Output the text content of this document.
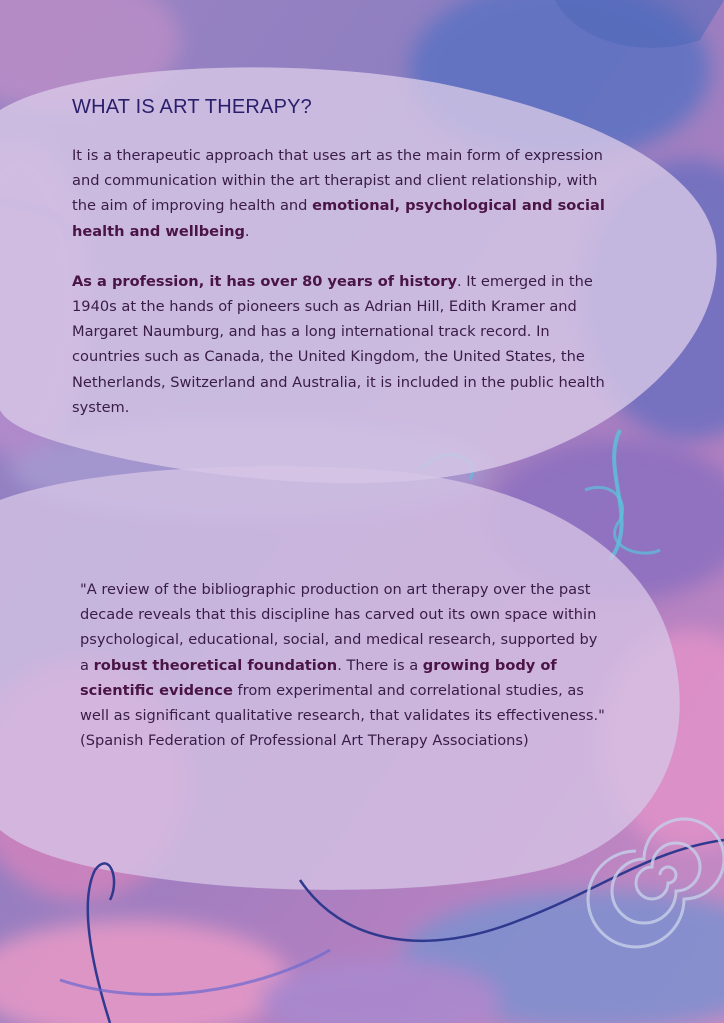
WHAT IS ART THERAPY?

It is a therapeutic approach that uses art as the main form of expression and communication within the art therapist and client relationship, with the aim of improving health and emotional, psychological and social health and wellbeing.

As a profession, it has over 80 years of history. It emerged in the 1940s at the hands of pioneers such as Adrian Hill, Edith Kramer and Margaret Naumburg, and has a long international track record. In countries such as Canada, the United Kingdom, the United States, the Netherlands, Switzerland and Australia, it is included in the public health system.

"A review of the bibliographic production on art therapy over the past decade reveals that this discipline has carved out its own space within psychological, educational, social, and medical research, supported by a robust theoretical foundation. There is a growing body of scientific evidence from experimental and correlational studies, as well as significant qualitative research, that validates its effectiveness." (Spanish Federation of Professional Art Therapy Associations)
